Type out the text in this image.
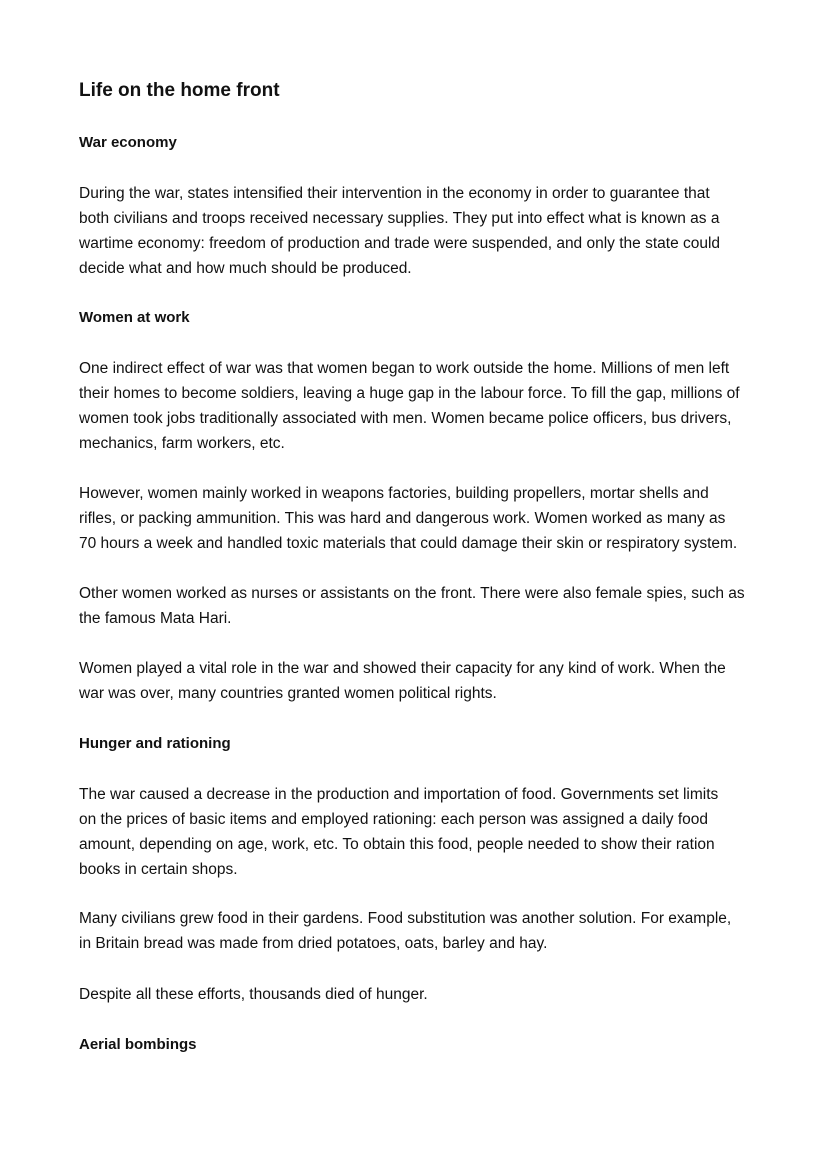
Life on the home front
War economy

During the war, states intensified their intervention in the economy in order to guarantee that
both civilians and troops received necessary supplies. They put into effect what is known as a
wartime economy: freedom of production and trade were suspended, and only the state could
decide what and how much should be produced.

Women at work

One indirect effect of war was that women began to work outside the home. Millions of men left
their homes to become soldiers, leaving a huge gap in the labour force. To fill the gap, millions of
women took jobs traditionally associated with men. Women became police officers, bus drivers,
mechanics, farm workers, etc.

However, women mainly worked in weapons factories, building propellers, mortar shells and
rifles, or packing ammunition. This was hard and dangerous work. Women worked as many as
70 hours a week and handled toxic materials that could damage their skin or respiratory system.

Other women worked as nurses or assistants on the front. There were also female spies, such as
the famous Mata Hari.

Women played a vital role in the war and showed their capacity for any kind of work. When the
war was over, many countries granted women political rights.

Hunger and rationing

The war caused a decrease in the production and importation of food. Governments set limits
on the prices of basic items and employed rationing: each person was assigned a daily food
amount, depending on age, work, etc. To obtain this food, people needed to show their ration
books in certain shops.

Many civilians grew food in their gardens. Food substitution was another solution. For example,
in Britain bread was made from dried potatoes, oats, barley and hay.

Despite all these efforts, thousands died of hunger.

Aerial bombings
